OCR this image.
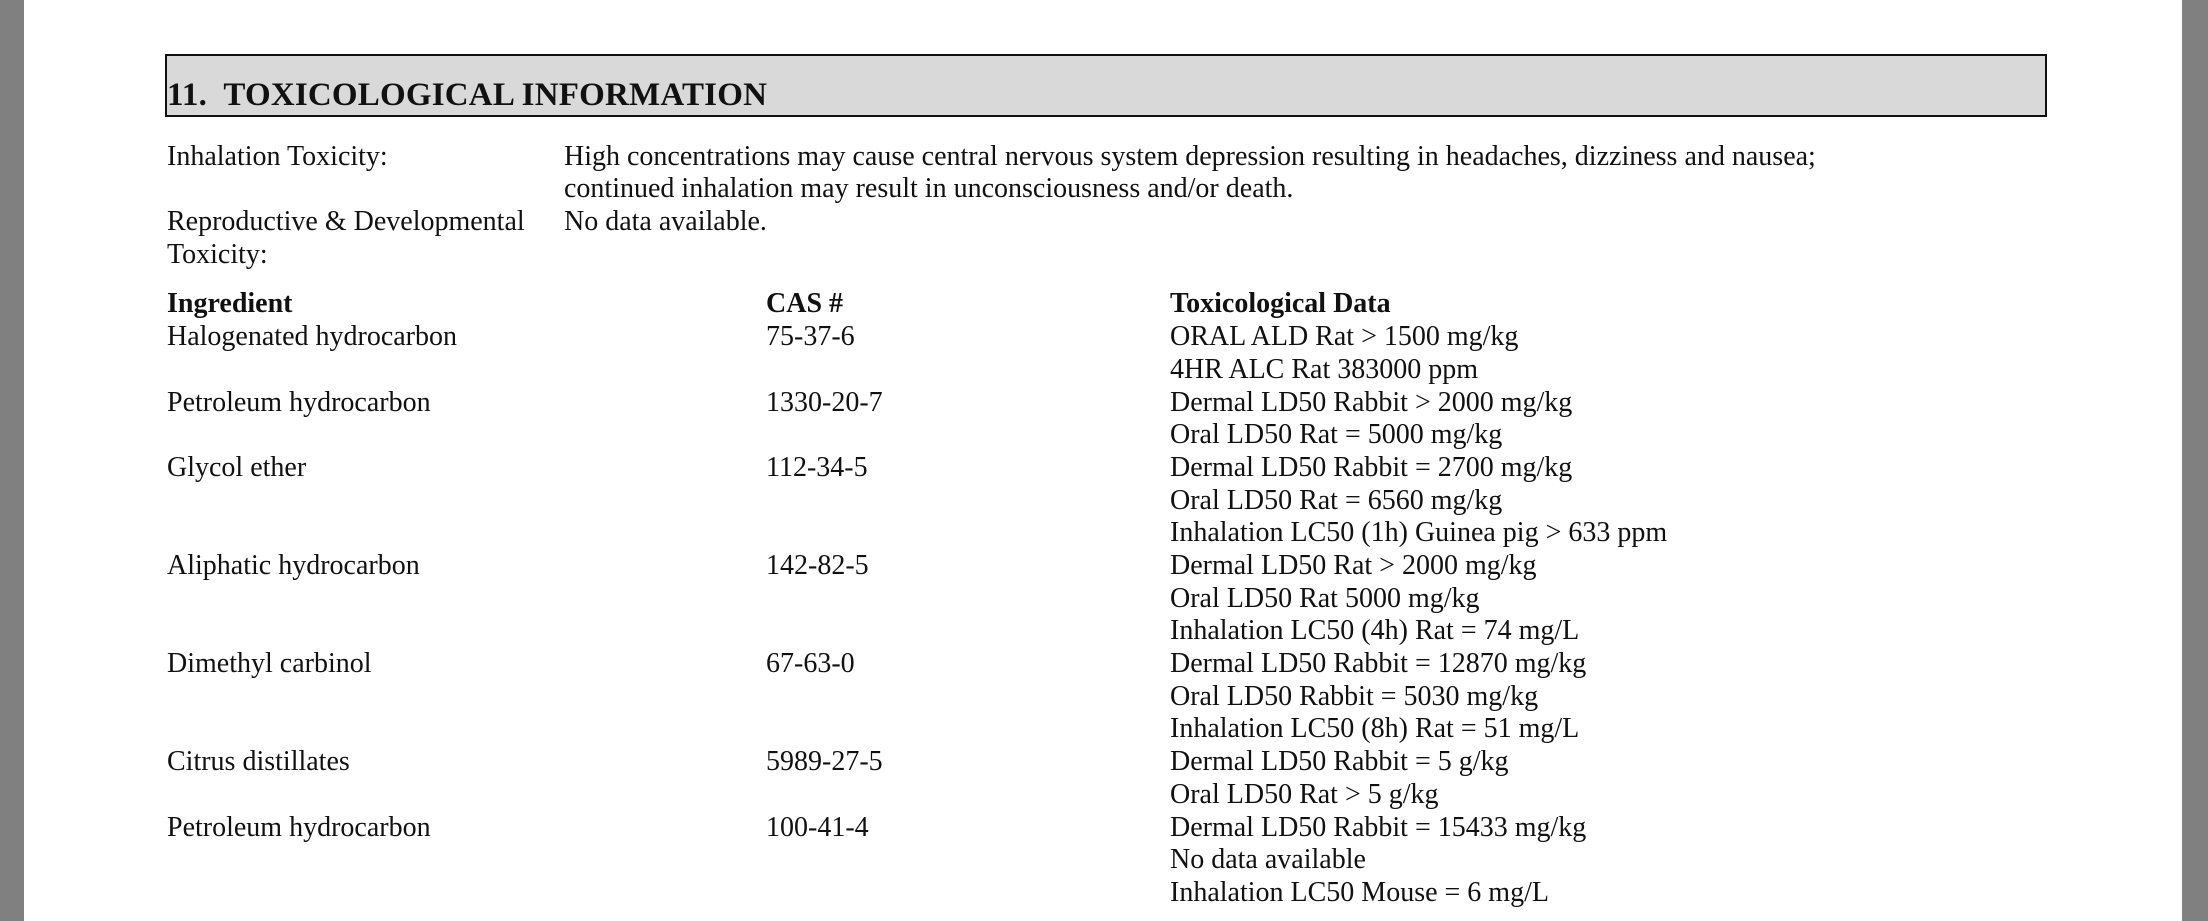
11.  TOXICOLOGICAL INFORMATION
Inhalation Toxicity:	High concentrations may cause central nervous system depression resulting in headaches, dizziness and nausea;
continued inhalation may result in unconsciousness and/or death.
Reproductive & Developmental
Toxicity:
No data available.
Ingredient	CAS #	Toxicological Data
Halogenated hydrocarbon	75-37-6	ORAL ALD Rat > 1500 mg/kg
4HR ALC Rat 383000 ppm
Petroleum hydrocarbon	1330-20-7	Dermal LD50 Rabbit > 2000 mg/kg
Oral LD50 Rat = 5000 mg/kg
Glycol ether	112-34-5	Dermal LD50 Rabbit = 2700 mg/kg
Oral LD50 Rat = 6560 mg/kg
Inhalation LC50 (1h) Guinea pig > 633 ppm
Aliphatic hydrocarbon	142-82-5	Dermal LD50 Rat > 2000 mg/kg
Oral LD50 Rat 5000 mg/kg
Inhalation LC50 (4h) Rat = 74 mg/L
Dimethyl carbinol	67-63-0	Dermal LD50 Rabbit = 12870 mg/kg
Oral LD50 Rabbit = 5030 mg/kg
Inhalation LC50 (8h) Rat = 51 mg/L
Citrus distillates	5989-27-5	Dermal LD50 Rabbit = 5 g/kg
Oral LD50 Rat > 5 g/kg
Petroleum hydrocarbon	100-41-4	Dermal LD50 Rabbit = 15433 mg/kg
No data available
Inhalation LC50 Mouse = 6 mg/L
